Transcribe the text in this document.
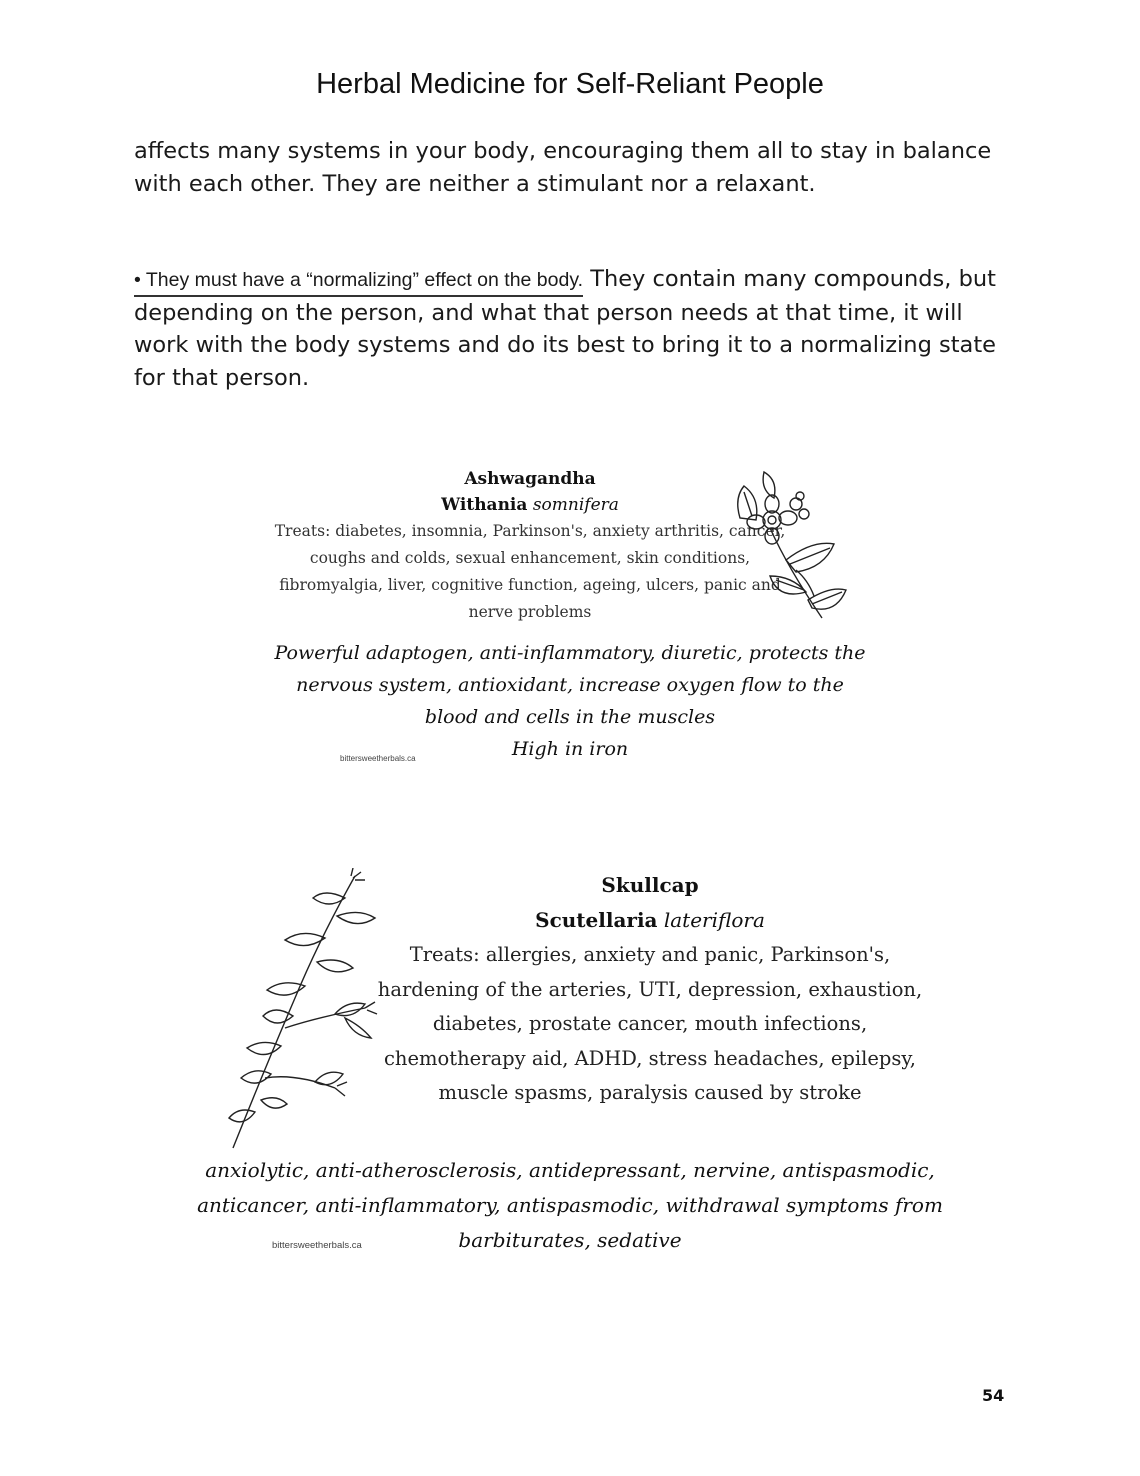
Herbal Medicine for Self-Reliant People
affects many systems in your body, encouraging them all to stay in balance with each other. They are neither a stimulant nor a relaxant.
• They must have a “normalizing” effect on the body. They contain many compounds, but depending on the person, and what that person needs at that time, it will work with the body systems and do its best to bring it to a normalizing state for that person.
Ashwagandha
Withania somnifera
Treats: diabetes, insomnia, Parkinson's, anxiety arthritis, cancer, coughs and colds, sexual enhancement, skin conditions, fibromyalgia, liver, cognitive function, ageing, ulcers, panic and nerve problems
Powerful adaptogen, anti-inflammatory, diuretic, protects the nervous system, antioxidant, increase oxygen flow to the blood and cells in the muscles
High in iron
bittersweetherbals.ca
Skullcap
Scutellaria lateriflora
Treats: allergies, anxiety and panic, Parkinson's, hardening of the arteries, UTI, depression, exhaustion, diabetes, prostate cancer, mouth infections, chemotherapy aid, ADHD, stress headaches, epilepsy, muscle spasms, paralysis caused by stroke
anxiolytic, anti-atherosclerosis, antidepressant, nervine, antispasmodic, anticancer, anti-inflammatory, antispasmodic, withdrawal symptoms from barbiturates, sedative
bittersweetherbals.ca
54
